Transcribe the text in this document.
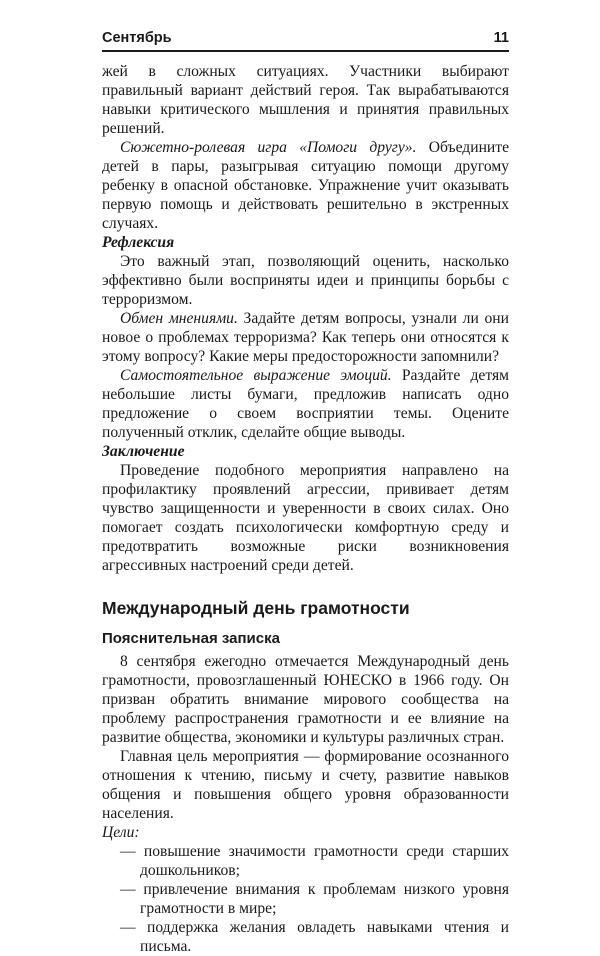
Сентябрь	11

жей в сложных ситуациях. Участники выбирают правильный вариант действий героя. Так вырабатываются навыки критического мышления и принятия правильных решений.

Сюжетно-ролевая игра «Помоги другу». Объедините детей в пары, разыгрывая ситуацию помощи другому ребенку в опасной обстановке. Упражнение учит оказывать первую помощь и действовать решительно в экстренных случаях.

Рефлексия

Это важный этап, позволяющий оценить, насколько эффективно были восприняты идеи и принципы борьбы с терроризмом.

Обмен мнениями. Задайте детям вопросы, узнали ли они новое о проблемах терроризма? Как теперь они относятся к этому вопросу? Какие меры предосторожности запомнили?

Самостоятельное выражение эмоций. Раздайте детям небольшие листы бумаги, предложив написать одно предложение о своем восприятии темы. Оцените полученный отклик, сделайте общие выводы.

Заключение

Проведение подобного мероприятия направлено на профилактику проявлений агрессии, прививает детям чувство защищенности и уверенности в своих силах. Оно помогает создать психологически комфортную среду и предотвратить возможные риски возникновения агрессивных настроений среди детей.

Международный день грамотности
Пояснительная записка

8 сентября ежегодно отмечается Международный день грамотности, провозглашенный ЮНЕСКО в 1966 году. Он призван обратить внимание мирового сообщества на проблему распространения грамотности и ее влияние на развитие общества, экономики и культуры различных стран.

Главная цель мероприятия — формирование осознанного отношения к чтению, письму и счету, развитие навыков общения и повышения общего уровня образованности населения.

Цели:

— повышение значимости грамотности среди старших дошкольников;
— привлечение внимания к проблемам низкого уровня грамотности в мире;
— поддержка желания овладеть навыками чтения и письма.
